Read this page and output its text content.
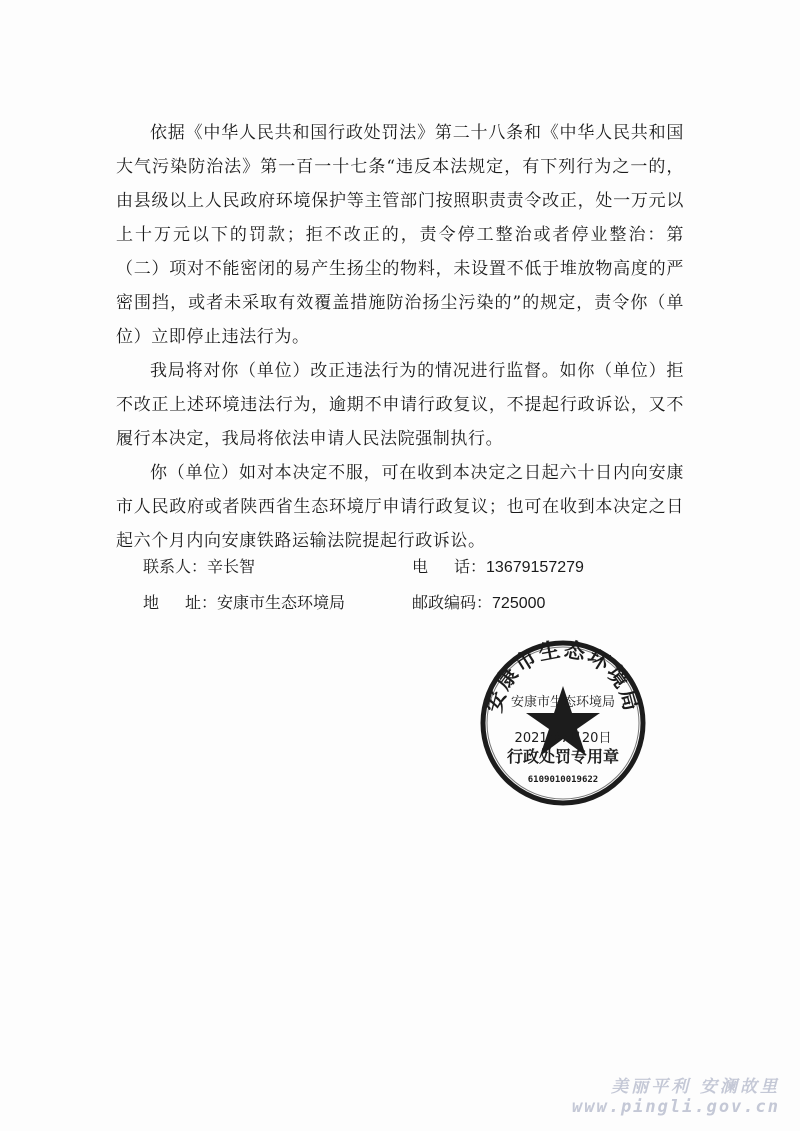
依据《中华人民共和国行政处罚法》第二十八条和《中华人民共和国大气污染防治法》第一百一十七条“违反本法规定，有下列行为之一的，由县级以上人民政府环境保护等主管部门按照职责责令改正，处一万元以上十万元以下的罚款；拒不改正的，责令停工整治或者停业整治：第（二）项对不能密闭的易产生扬尘的物料，未设置不低于堆放物高度的严密围挡，或者未采取有效覆盖措施防治扬尘污染的”的规定，责令你（单位）立即停止违法行为。

我局将对你（单位）改正违法行为的情况进行监督。如你（单位）拒不改正上述环境违法行为，逾期不申请行政复议，不提起行政诉讼，又不履行本决定，我局将依法申请人民法院强制执行。

你（单位）如对本决定不服，可在收到本决定之日起六十日内向安康市人民政府或者陕西省生态环境厅申请行政复议；也可在收到本决定之日起六个月内向安康铁路运输法院提起行政诉讼。

联系人：辛长智
地址：安康市生态环境局
电话：13679157279
邮政编码：725000
安康市生态环境局
安康市生态环境局
2021年7月20日
行政处罚专用章
6109010019622
美丽平利 安澜故里
www.pingli.gov.cn
